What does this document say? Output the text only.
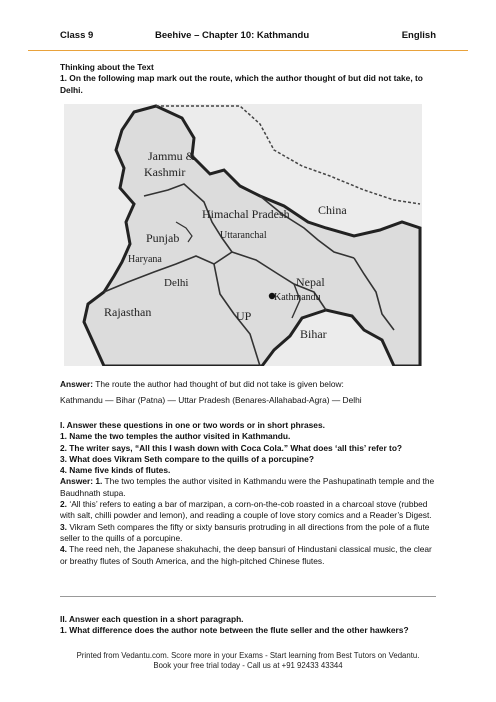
Class 9	Beehive – Chapter 10: Kathmandu	English

Thinking about the Text

1. On the following map mark out the route, which the author thought of but did not take, to Delhi.

Jammu &
Kashmir
Himachal Pradesh
Punjab	Uttaranchal
Haryana
Delhi
China
Nepal
Kathmandu
Rajasthan	UP
Bihar

Answer: The route the author had thought of but did not take is given below:

Kathmandu — Bihar (Patna) — Uttar Pradesh (Benares-Allahabad-Agra) — Delhi

I. Answer these questions in one or two words or in short phrases.

1. Name the two temples the author visited in Kathmandu.

2. The writer says, “All this I wash down with Coca Cola.” What does ‘all this’ refer to?

3. What does Vikram Seth compare to the quills of a porcupine?

4. Name five kinds of flutes.

Answer: 1. The two temples the author visited in Kathmandu were the Pashupatinath temple and the Baudhnath stupa.

2. ‘All this’ refers to eating a bar of marzipan, a corn-on-the-cob roasted in a charcoal stove (rubbed with salt, chilli powder and lemon), and reading a couple of love story comics and a Reader’s Digest.

3. Vikram Seth compares the fifty or sixty bansuris protruding in all directions from the pole of a flute seller to the quills of a porcupine.

4. The reed neh, the Japanese shakuhachi, the deep bansuri of Hindustani classical music, the clear or breathy flutes of South America, and the high-pitched Chinese flutes.

II. Answer each question in a short paragraph.

1. What difference does the author note between the flute seller and the other hawkers?

Printed from Vedantu.com. Score more in your Exams - Start learning from Best Tutors on Vedantu.
Book your free trial today - Call us at +91 92433 43344
